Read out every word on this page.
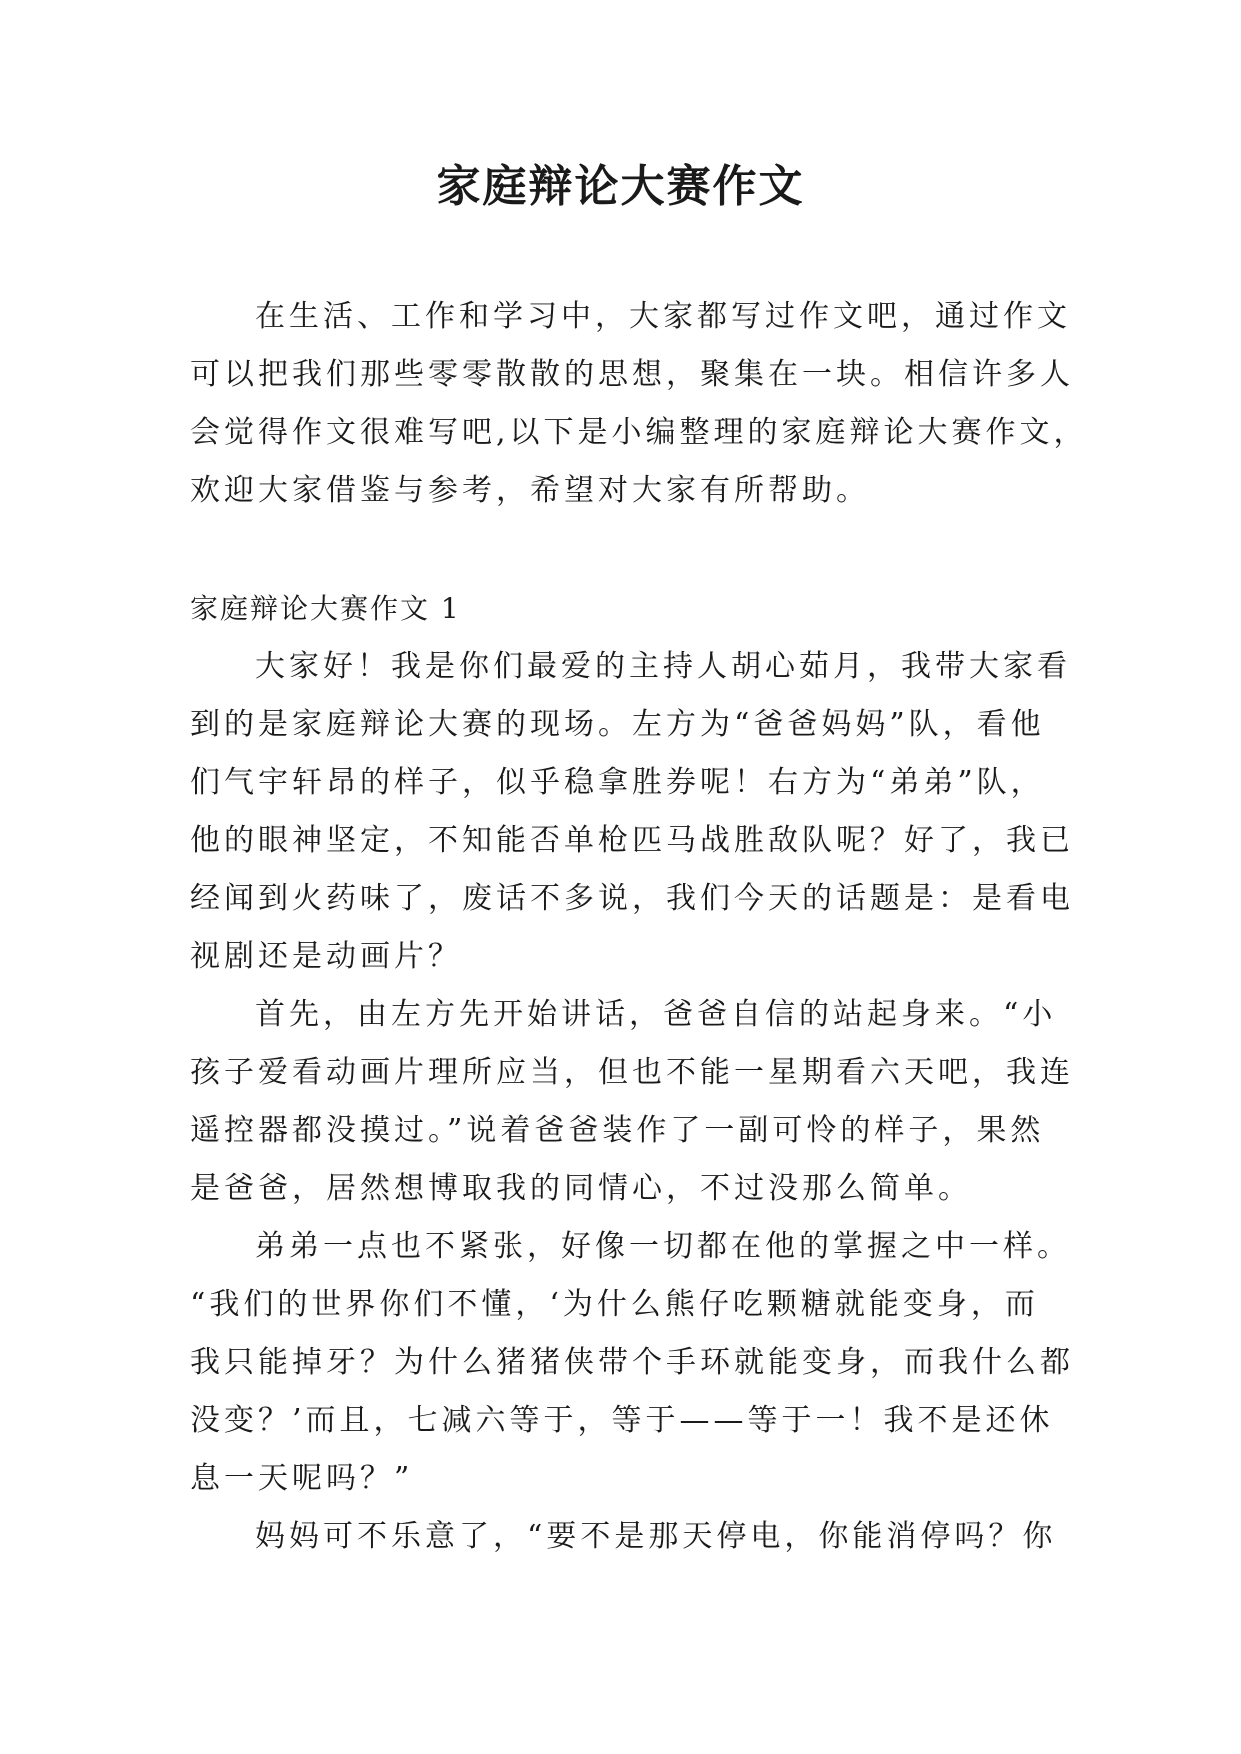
家庭辩论大赛作文
在生活、工作和学习中，大家都写过作文吧，通过作文
可以把我们那些零零散散的思想，聚集在一块。相信许多人
会觉得作文很难写吧,以下是小编整理的家庭辩论大赛作文，
欢迎大家借鉴与参考，希望对大家有所帮助。
家庭辩论大赛作文 1
大家好！我是你们最爱的主持人胡心茹月，我带大家看
到的是家庭辩论大赛的现场。左方为“爸爸妈妈”队，看他
们气宇轩昂的样子，似乎稳拿胜券呢！右方为“弟弟”队，
他的眼神坚定，不知能否单枪匹马战胜敌队呢？好了，我已
经闻到火药味了，废话不多说，我们今天的话题是：是看电
视剧还是动画片？
首先，由左方先开始讲话，爸爸自信的站起身来。“小
孩子爱看动画片理所应当，但也不能一星期看六天吧，我连
遥控器都没摸过。”说着爸爸装作了一副可怜的样子，果然
是爸爸，居然想博取我的同情心，不过没那么简单。
弟弟一点也不紧张，好像一切都在他的掌握之中一样。
“我们的世界你们不懂，‘为什么熊仔吃颗糖就能变身，而
我只能掉牙？为什么猪猪侠带个手环就能变身，而我什么都
没变？’而且，七减六等于，等于——等于一！我不是还休
息一天呢吗？”
妈妈可不乐意了，“要不是那天停电，你能消停吗？你
